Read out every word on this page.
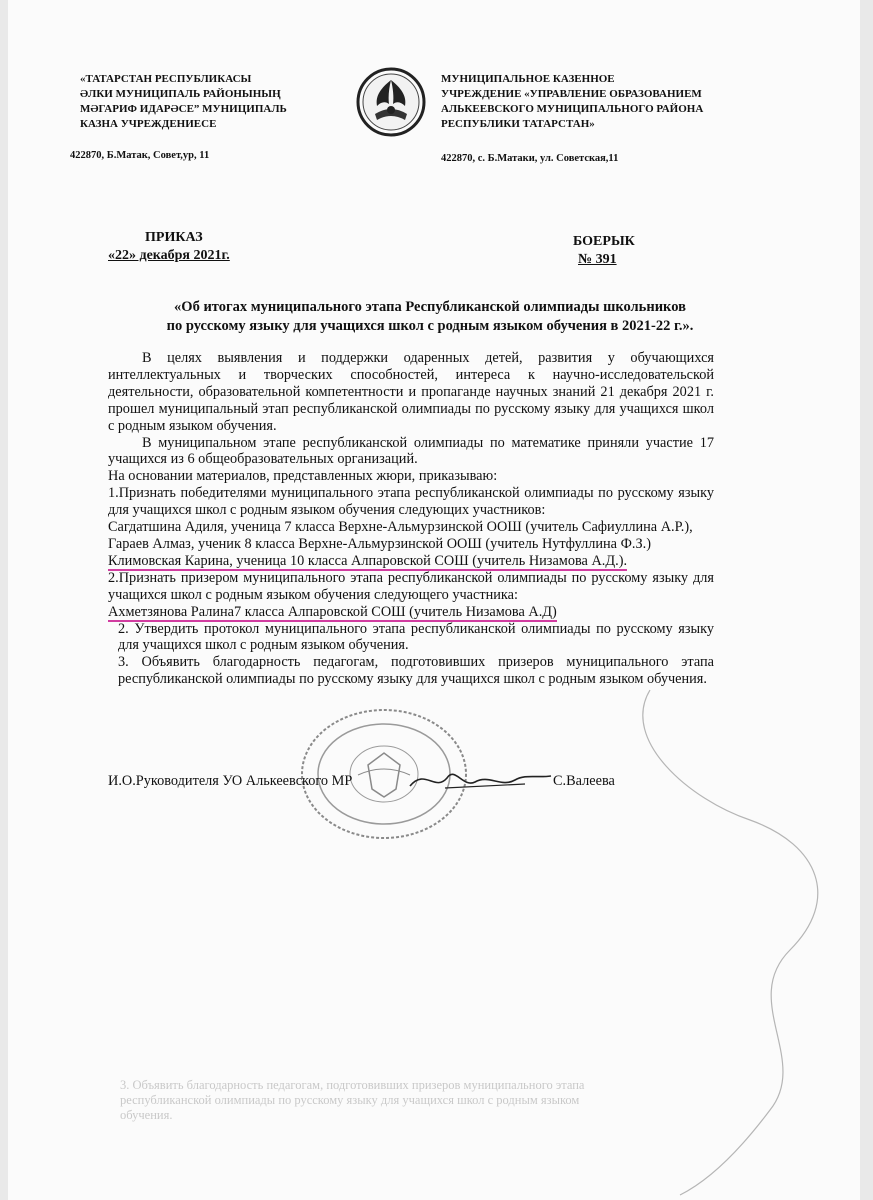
«ТАТАРСТАН РЕСПУБЛИКАСЫ
ӘЛКИ МУНИЦИПАЛЬ РАЙОНЫНЫҢ
МӘГАРИФ ИДАРӘСЕ” МУНИЦИПАЛЬ
КАЗНА УЧРЕЖДЕНИЕСЕ
422870, Б.Матак, Совет,ур, 11
МУНИЦИПАЛЬНОЕ КАЗЕННОЕ
УЧРЕЖДЕНИЕ «УПРАВЛЕНИЕ ОБРАЗОВАНИЕМ
АЛЬКЕЕВСКОГО МУНИЦИПАЛЬНОГО РАЙОНА
РЕСПУБЛИКИ ТАТАРСТАН»
422870, с. Б.Матаки, ул. Советская,11
ПРИКАЗ
«22» декабря 2021г.
БОЕРЫК
№ 391
«Об итогах муниципального этапа Республиканской олимпиады школьников
по русскому языку для учащихся школ с родным языком обучения в 2021-22 г.».

В целях выявления и поддержки одаренных детей, развития у обучающихся интеллектуальных и творческих способностей, интереса к научно-исследовательской деятельности, образовательной компетентности и пропаганде научных знаний 21 декабря 2021 г. прошел муниципальный этап республиканской олимпиады по русскому языку для учащихся школ с родным языком обучения.

В муниципальном этапе республиканской олимпиады по математике приняли участие 17 учащихся из 6 общеобразовательных организаций.

На основании материалов, представленных жюри, приказываю:

1.Признать победителями муниципального этапа республиканской олимпиады по русскому языку для учащихся школ с родным языком обучения следующих участников:

Сагдатшина Адиля, ученица 7 класса Верхне-Альмурзинской ООШ (учитель Сафиуллина А.Р.),

Гараев Алмаз, ученик 8 класса Верхне-Альмурзинской ООШ (учитель Нутфуллина Ф.З.)

Климовская Карина, ученица 10 класса Алпаровской СОШ (учитель Низамова А.Д.).

2.Признать призером муниципального этапа республиканской олимпиады по русскому языку для учащихся школ с родным языком обучения следующего участника:

Ахметзянова Ралина7 класса Алпаровской СОШ (учитель Низамова А.Д)

2. Утвердить протокол муниципального этапа республиканской олимпиады по русскому языку для учащихся школ с родным языком обучения.

3. Объявить благодарность педагогам, подготовивших призеров муниципального этапа республиканской олимпиады по русскому языку для учащихся школ с родным языком обучения.

И.О.Руководителя УО Алькеевского МР	С.Валеева
3. Объявить благодарность педагогам, подготовивших призеров муниципального этапа
республиканской олимпиады по русскому языку для учащихся школ с родным языком
обучения.
